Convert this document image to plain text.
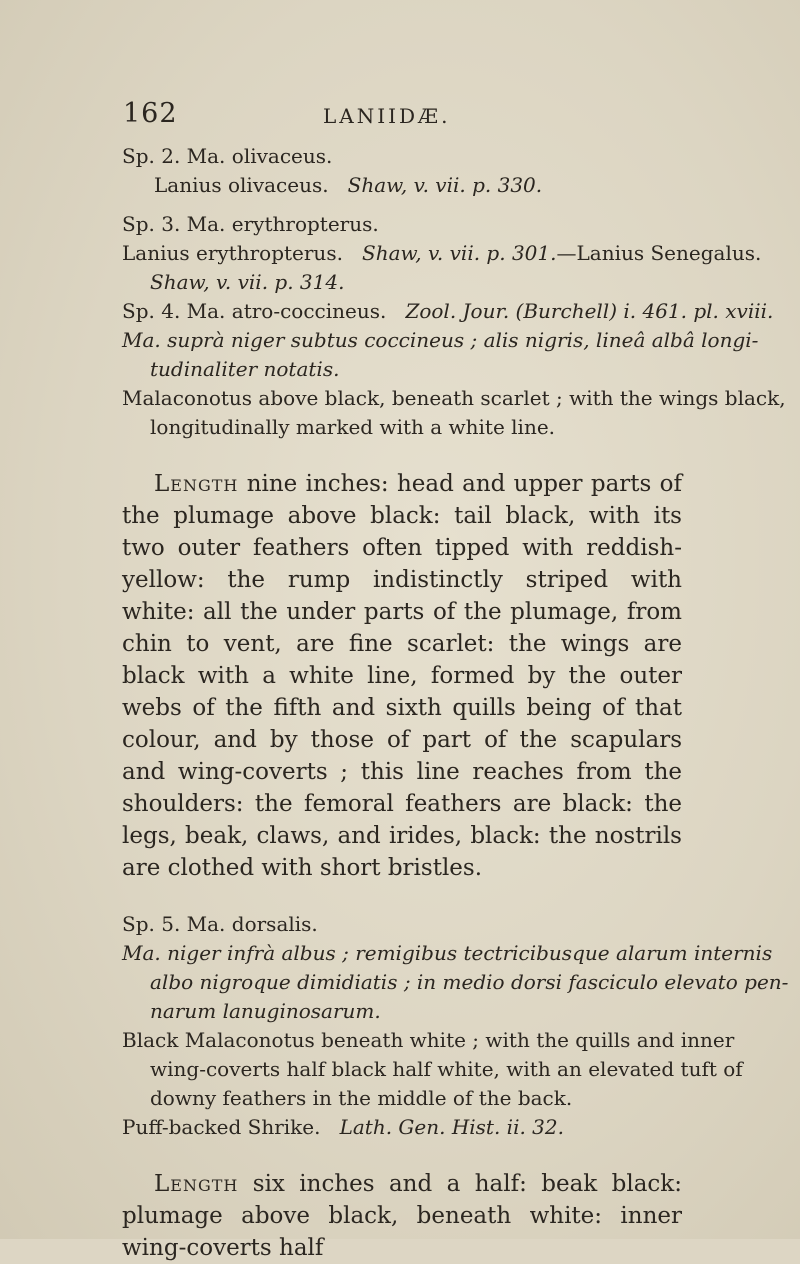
162	LANIIDÆ.
Sp. 2. Ma. olivaceus.
Lanius olivaceus. Shaw, v. vii. p. 330.
Sp. 3. Ma. erythropterus.
Lanius erythropterus. Shaw, v. vii. p. 301.—Lanius Senegalus.
Shaw, v. vii. p. 314.
Sp. 4. Ma. atro-coccineus. Zool. Jour. (Burchell) i. 461. pl. xviii.
Ma. suprà niger subtus coccineus ; alis nigris, lineâ albâ longi-
tudinaliter notatis.
Malaconotus above black, beneath scarlet ; with the wings black,
longitudinally marked with a white line.
Length nine inches: head and upper parts of the plumage above black: tail black, with its two outer feathers often tipped with reddish-yellow: the rump indistinctly striped with white: all the under parts of the plumage, from chin to vent, are fine scarlet: the wings are black with a white line, formed by the outer webs of the fifth and sixth quills being of that colour, and by those of part of the scapulars and wing-coverts ; this line reaches from the shoulders: the femoral feathers are black: the legs, beak, claws, and irides, black: the nostrils are clothed with short bristles.
Sp. 5. Ma. dorsalis.
Ma. niger infrà albus ; remigibus tectricibusque alarum internis
albo nigroque dimidiatis ; in medio dorsi fasciculo elevato pen-
narum lanuginosarum.
Black Malaconotus beneath white ; with the quills and inner
wing-coverts half black half white, with an elevated tuft of
downy feathers in the middle of the back.
Puff-backed Shrike. Lath. Gen. Hist. ii. 32.
Length six inches and a half: beak black: plumage above black, beneath white: inner wing-coverts half
